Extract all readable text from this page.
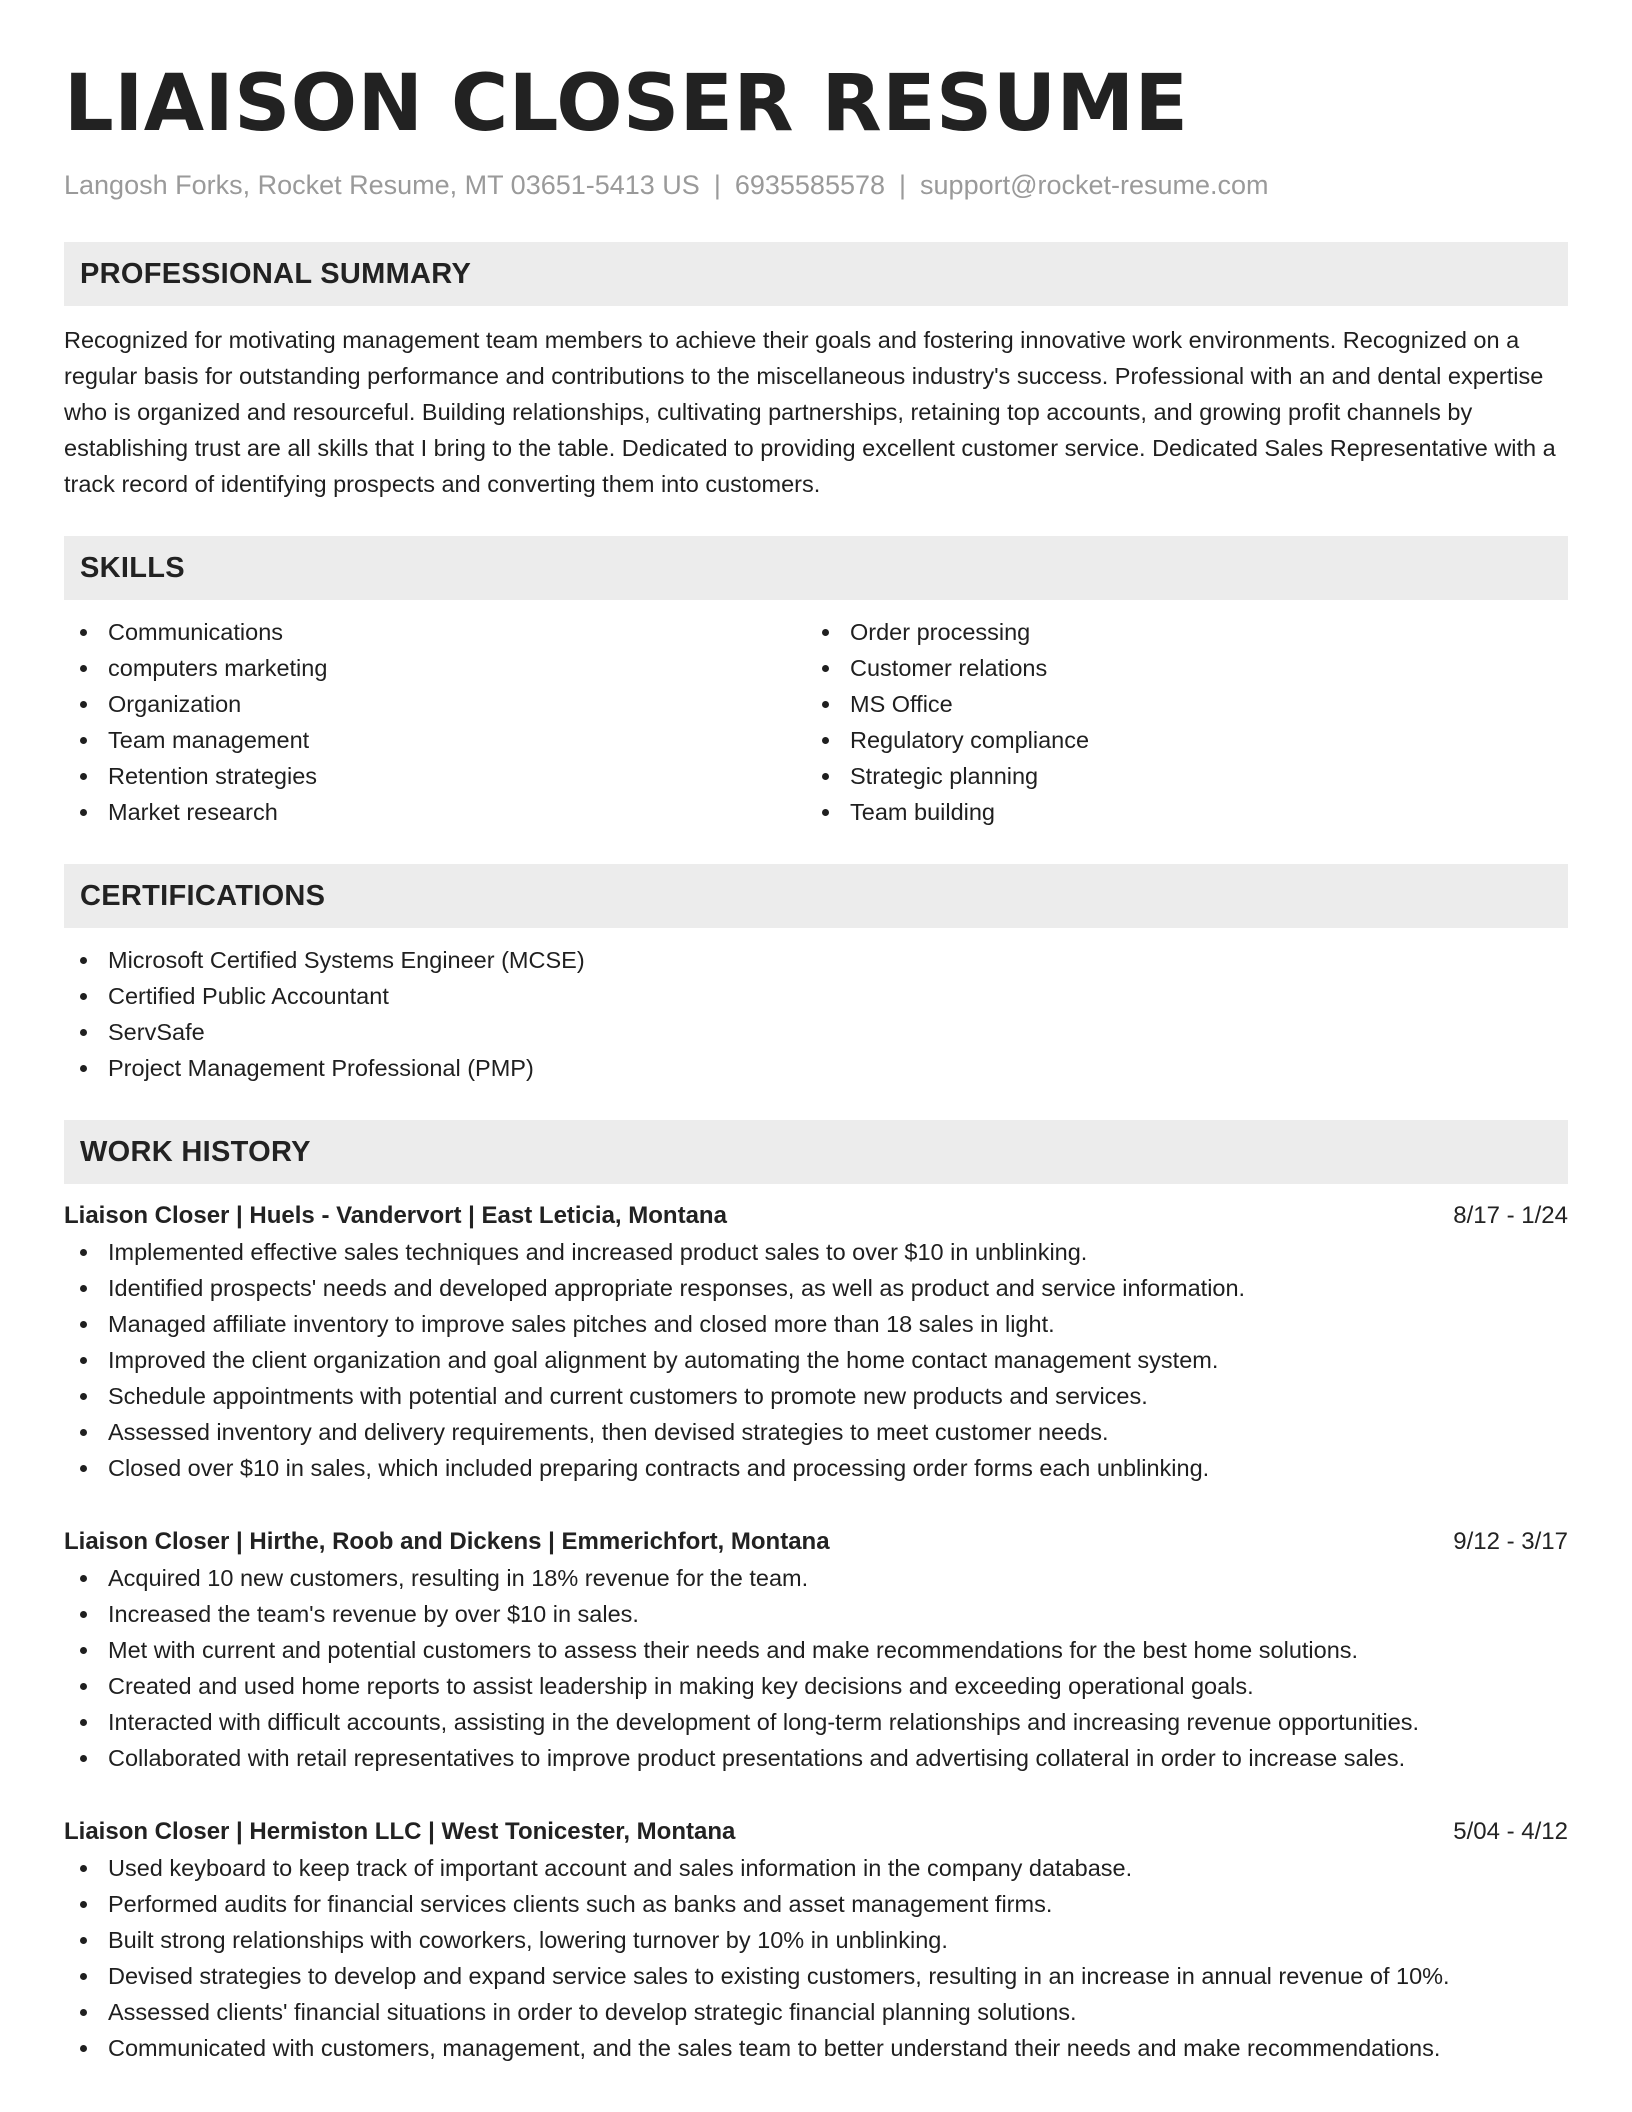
LIAISON CLOSER RESUME
Langosh Forks, Rocket Resume, MT 03651-5413 US | 6935585578 | support@rocket-resume.com
PROFESSIONAL SUMMARY

Recognized for motivating management team members to achieve their goals and fostering innovative work environments. Recognized on a regular basis for outstanding performance and contributions to the miscellaneous industry's success. Professional with an and dental expertise who is organized and resourceful. Building relationships, cultivating partnerships, retaining top accounts, and growing profit channels by establishing trust are all skills that I bring to the table. Dedicated to providing excellent customer service. Dedicated Sales Representative with a track record of identifying prospects and converting them into customers.

SKILLS
Communications
computers marketing
Organization
Team management
Retention strategies
Market research
Order processing
Customer relations
MS Office
Regulatory compliance
Strategic planning
Team building
CERTIFICATIONS
Microsoft Certified Systems Engineer (MCSE)
Certified Public Accountant
ServSafe
Project Management Professional (PMP)
WORK HISTORY
Liaison Closer | Huels - Vandervort | East Leticia, Montana	8/17 - 1/24
Implemented effective sales techniques and increased product sales to over $10 in unblinking.
Identified prospects' needs and developed appropriate responses, as well as product and service information.
Managed affiliate inventory to improve sales pitches and closed more than 18 sales in light.
Improved the client organization and goal alignment by automating the home contact management system.
Schedule appointments with potential and current customers to promote new products and services.
Assessed inventory and delivery requirements, then devised strategies to meet customer needs.
Closed over $10 in sales, which included preparing contracts and processing order forms each unblinking.
Liaison Closer | Hirthe, Roob and Dickens | Emmerichfort, Montana	9/12 - 3/17
Acquired 10 new customers, resulting in 18% revenue for the team.
Increased the team's revenue by over $10 in sales.
Met with current and potential customers to assess their needs and make recommendations for the best home solutions.
Created and used home reports to assist leadership in making key decisions and exceeding operational goals.
Interacted with difficult accounts, assisting in the development of long-term relationships and increasing revenue opportunities.
Collaborated with retail representatives to improve product presentations and advertising collateral in order to increase sales.
Liaison Closer | Hermiston LLC | West Tonicester, Montana	5/04 - 4/12
Used keyboard to keep track of important account and sales information in the company database.
Performed audits for financial services clients such as banks and asset management firms.
Built strong relationships with coworkers, lowering turnover by 10% in unblinking.
Devised strategies to develop and expand service sales to existing customers, resulting in an increase in annual revenue of 10%.
Assessed clients' financial situations in order to develop strategic financial planning solutions.
Communicated with customers, management, and the sales team to better understand their needs and make recommendations.
